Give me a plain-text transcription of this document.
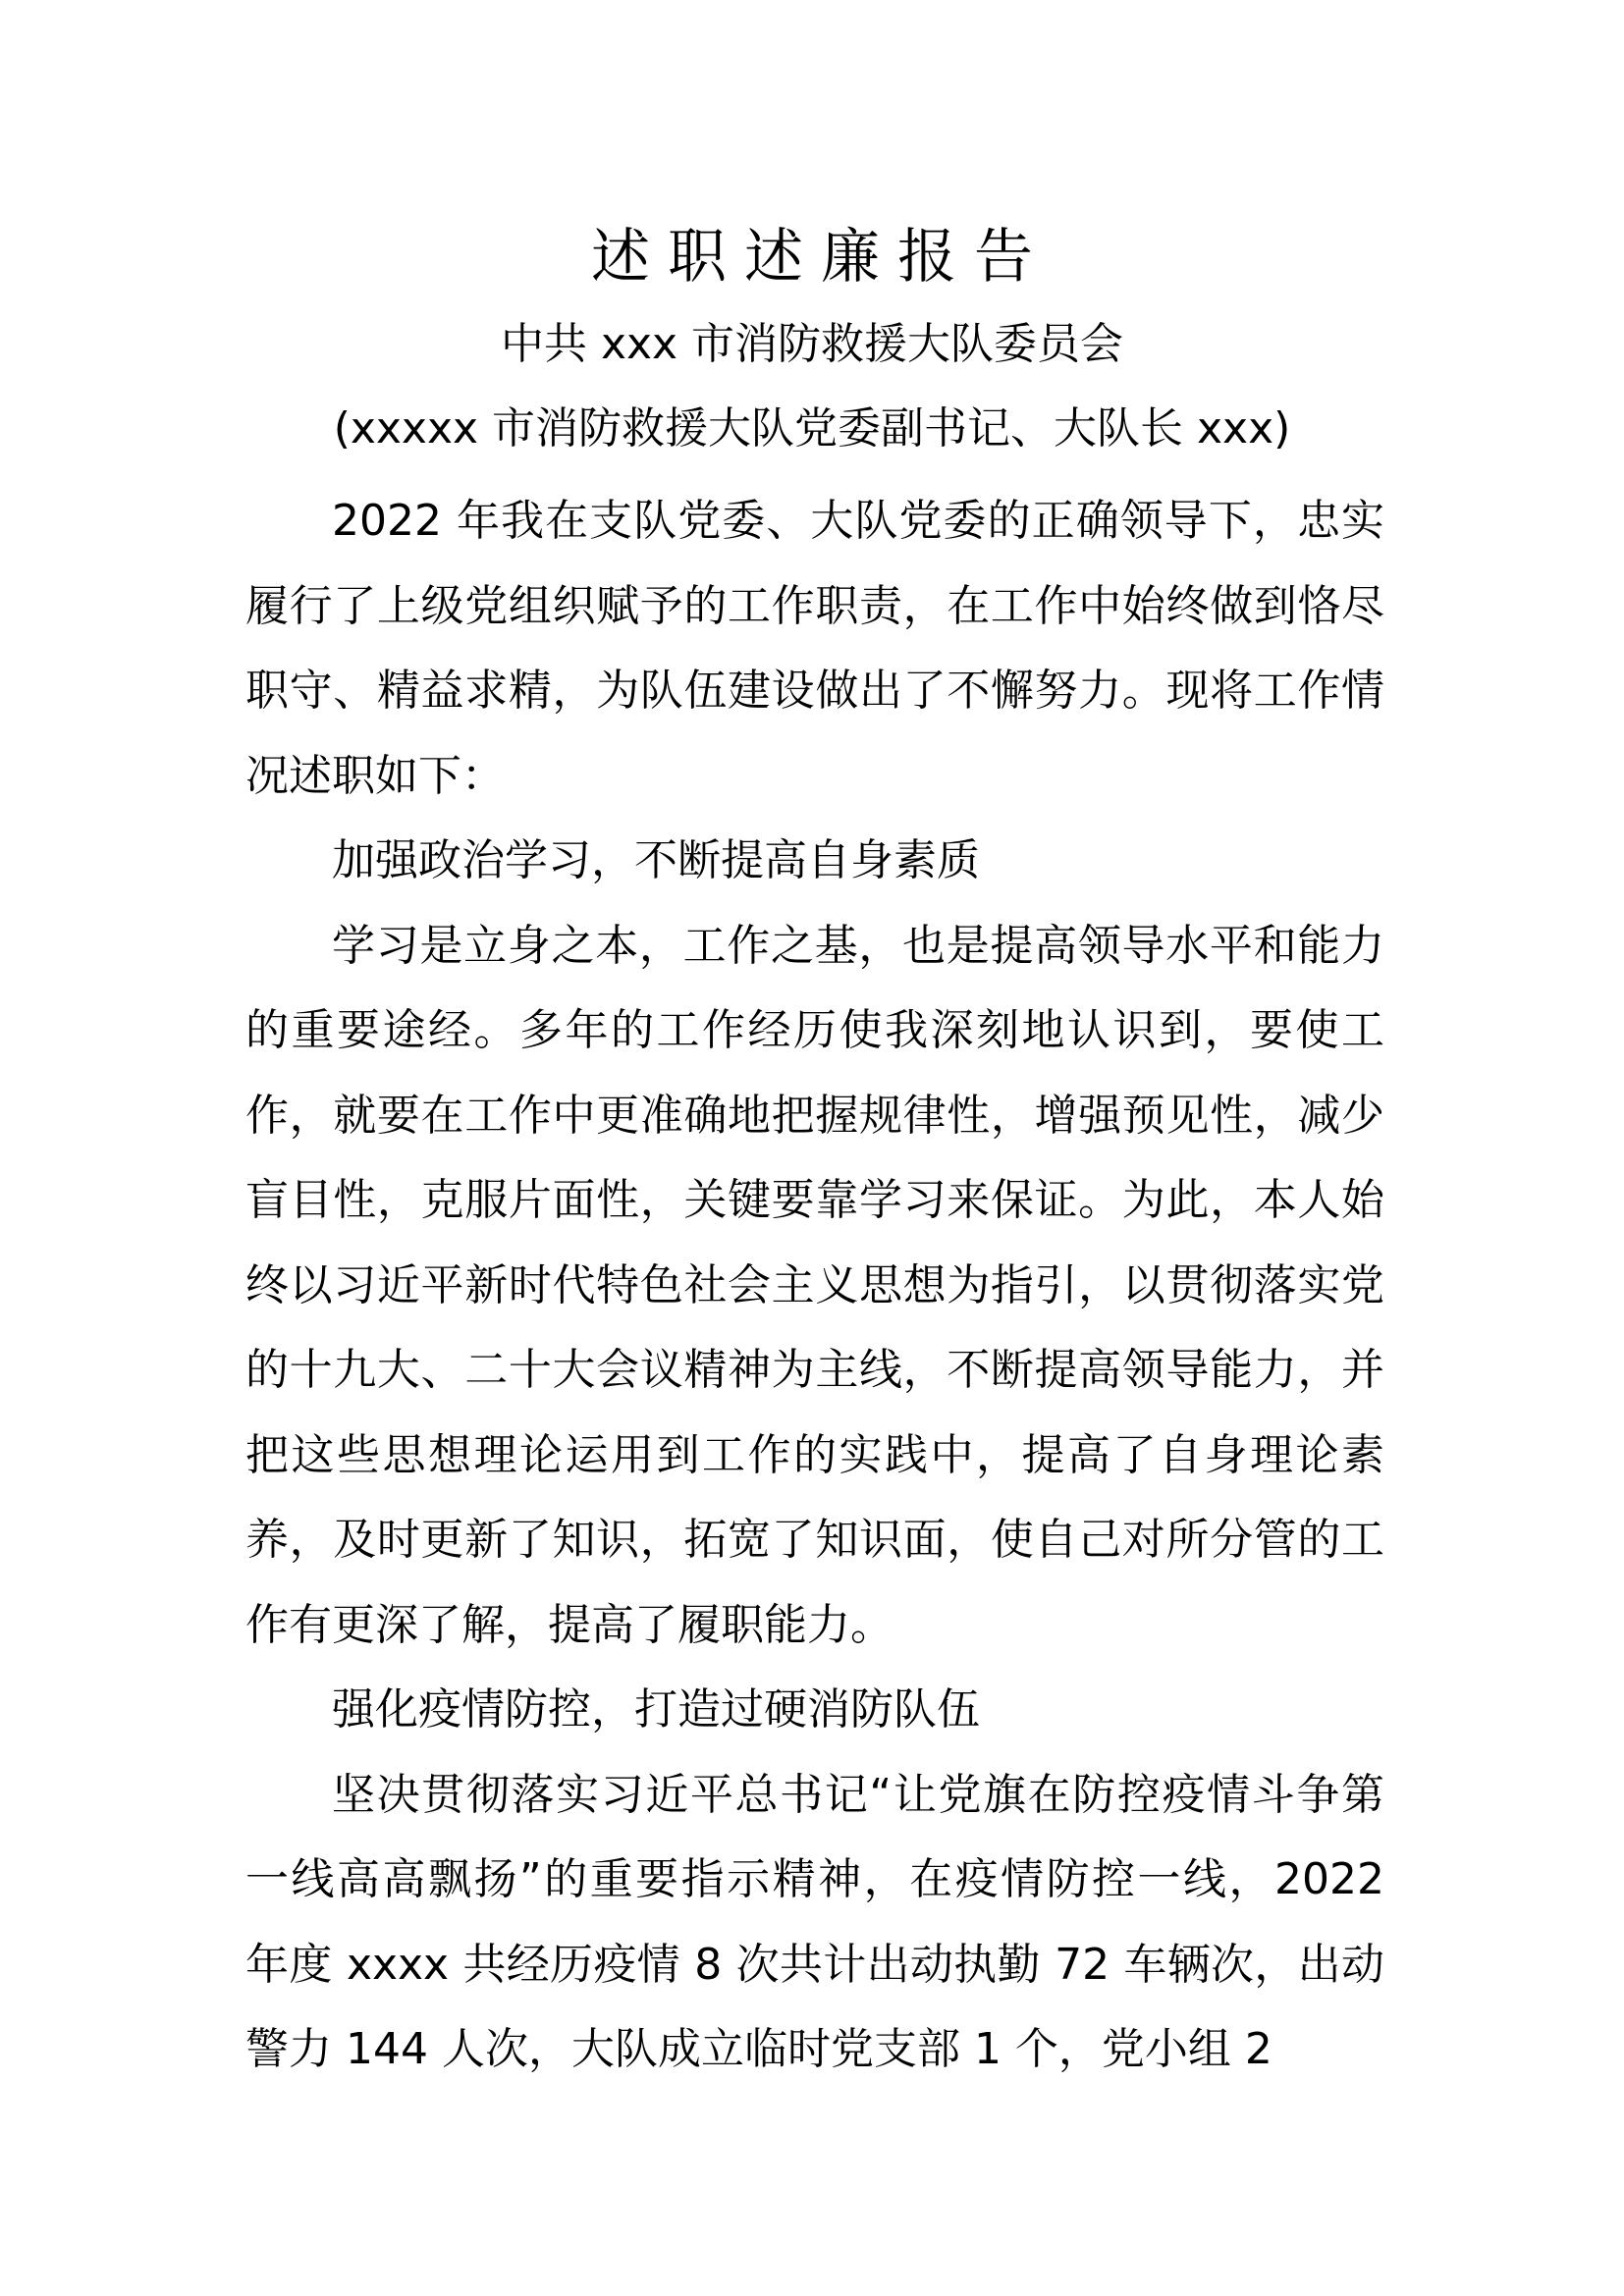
述职述廉报告
中共 xxx 市消防救援大队委员会
(xxxxx 市消防救援大队党委副书记、大队长 xxx)

2022 年我在支队党委、大队党委的正确领导下，忠实履行了上级党组织赋予的工作职责，在工作中始终做到恪尽职守、精益求精，为队伍建设做出了不懈努力。现将工作情况述职如下：

加强政治学习，不断提高自身素质

学习是立身之本，工作之基，也是提高领导水平和能力的重要途经。多年的工作经历使我深刻地认识到，要使工作，就要在工作中更准确地把握规律性，增强预见性，减少盲目性，克服片面性，关键要靠学习来保证。为此，本人始终以习近平新时代特色社会主义思想为指引，以贯彻落实党的十九大、二十大会议精神为主线，不断提高领导能力，并把这些思想理论运用到工作的实践中，提高了自身理论素养，及时更新了知识，拓宽了知识面，使自己对所分管的工作有更深了解，提高了履职能力。

强化疫情防控，打造过硬消防队伍

坚决贯彻落实习近平总书记“让党旗在防控疫情斗争第一线高高飘扬”的重要指示精神，在疫情防控一线，2022 年度 xxxx 共经历疫情 8 次共计出动执勤 72 车辆次，出动警力 144 人次，大队成立临时党支部 1 个，党小组 2
